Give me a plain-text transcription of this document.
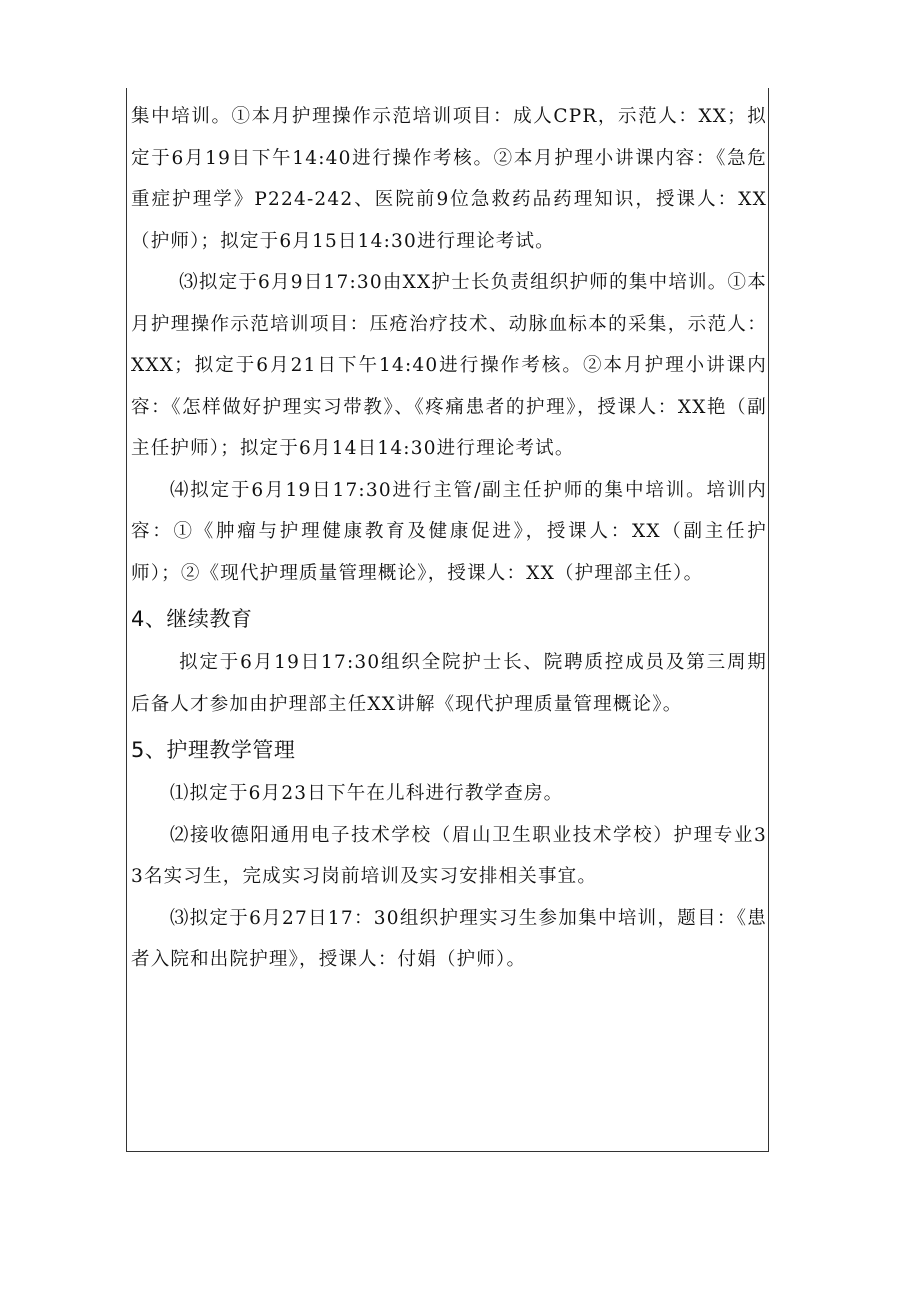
集中培训。①本月护理操作示范培训项目：成人CPR，示范人：XX；拟定于6月19日下午14:40进行操作考核。②本月护理小讲课内容：《急危重症护理学》P224-242、医院前9位急救药品药理知识，授课人：XX（护师）；拟定于6月15日14:30进行理论考试。

⑶拟定于6月9日17:30由XX护士长负责组织护师的集中培训。①本月护理操作示范培训项目：压疮治疗技术、动脉血标本的采集，示范人：XXX；拟定于6月21日下午14:40进行操作考核。②本月护理小讲课内容：《怎样做好护理实习带教》、《疼痛患者的护理》，授课人：XX艳（副主任护师）；拟定于6月14日14:30进行理论考试。

⑷拟定于6月19日17:30进行主管/副主任护师的集中培训。培训内容：①《肿瘤与护理健康教育及健康促进》，授课人：XX（副主任护师）；②《现代护理质量管理概论》，授课人：XX（护理部主任）。

4、继续教育

拟定于6月19日17:30组织全院护士长、院聘质控成员及第三周期后备人才参加由护理部主任XX讲解《现代护理质量管理概论》。

5、护理教学管理

⑴拟定于6月23日下午在儿科进行教学查房。

⑵接收德阳通用电子技术学校（眉山卫生职业技术学校）护理专业33名实习生，完成实习岗前培训及实习安排相关事宜。

⑶拟定于6月27日17：30组织护理实习生参加集中培训，题目：《患者入院和出院护理》，授课人：付娟（护师）。
